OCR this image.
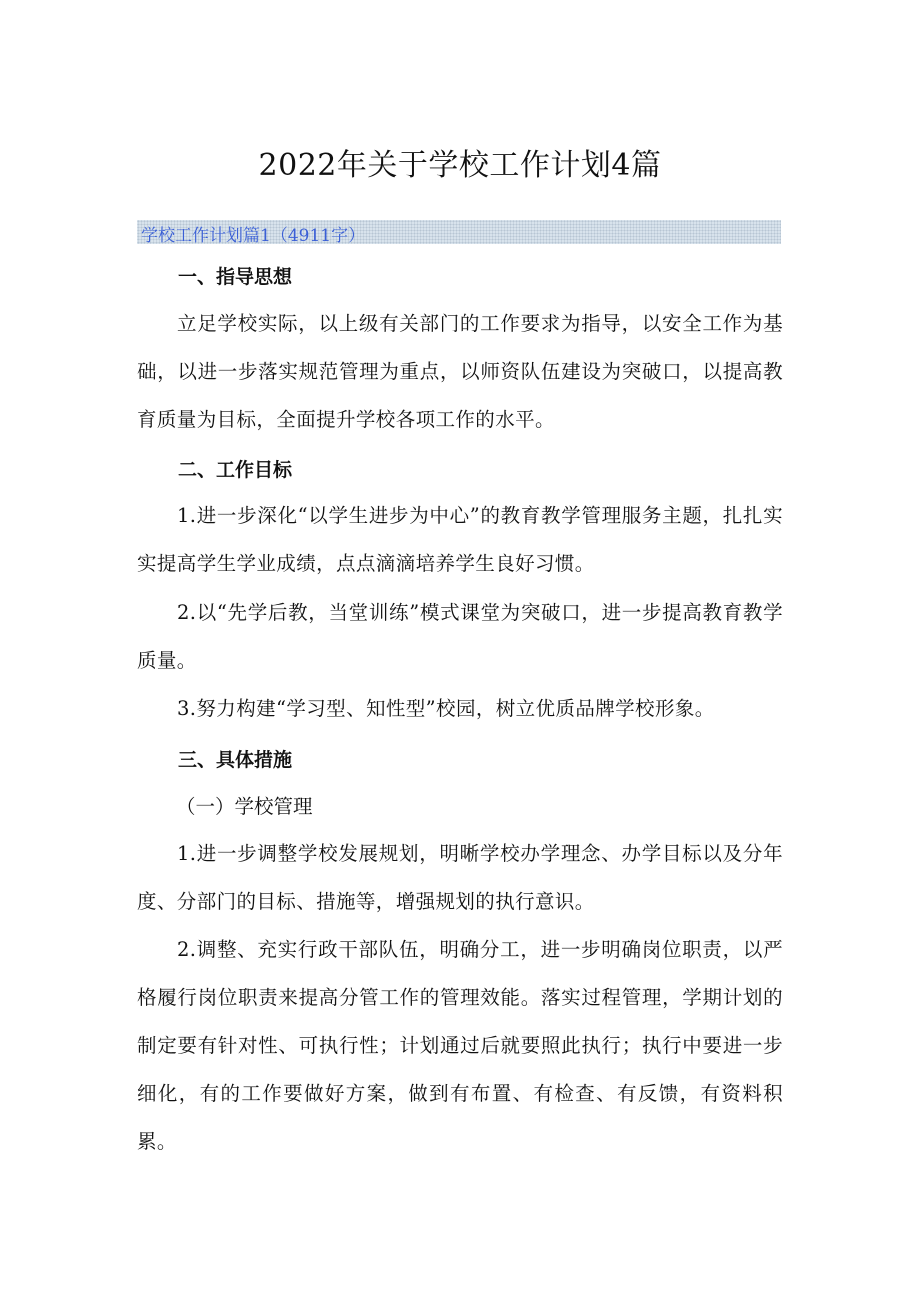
2022年关于学校工作计划4篇
学校工作计划篇1（4911字）
一、指导思想
立足学校实际，以上级有关部门的工作要求为指导，以安全工作为基础，以进一步落实规范管理为重点，以师资队伍建设为突破口，以提高教育质量为目标，全面提升学校各项工作的水平。
二、工作目标
1.进一步深化“以学生进步为中心”的教育教学管理服务主题，扎扎实实提高学生学业成绩，点点滴滴培养学生良好习惯。
2.以“先学后教，当堂训练”模式课堂为突破口，进一步提高教育教学质量。
3.努力构建“学习型、知性型”校园，树立优质品牌学校形象。
三、具体措施
（一）学校管理
1.进一步调整学校发展规划，明晰学校办学理念、办学目标以及分年度、分部门的目标、措施等，增强规划的执行意识。
2.调整、充实行政干部队伍，明确分工，进一步明确岗位职责，以严格履行岗位职责来提高分管工作的管理效能。落实过程管理，学期计划的制定要有针对性、可执行性；计划通过后就要照此执行；执行中要进一步细化，有的工作要做好方案，做到有布置、有检查、有反馈，有资料积累。
